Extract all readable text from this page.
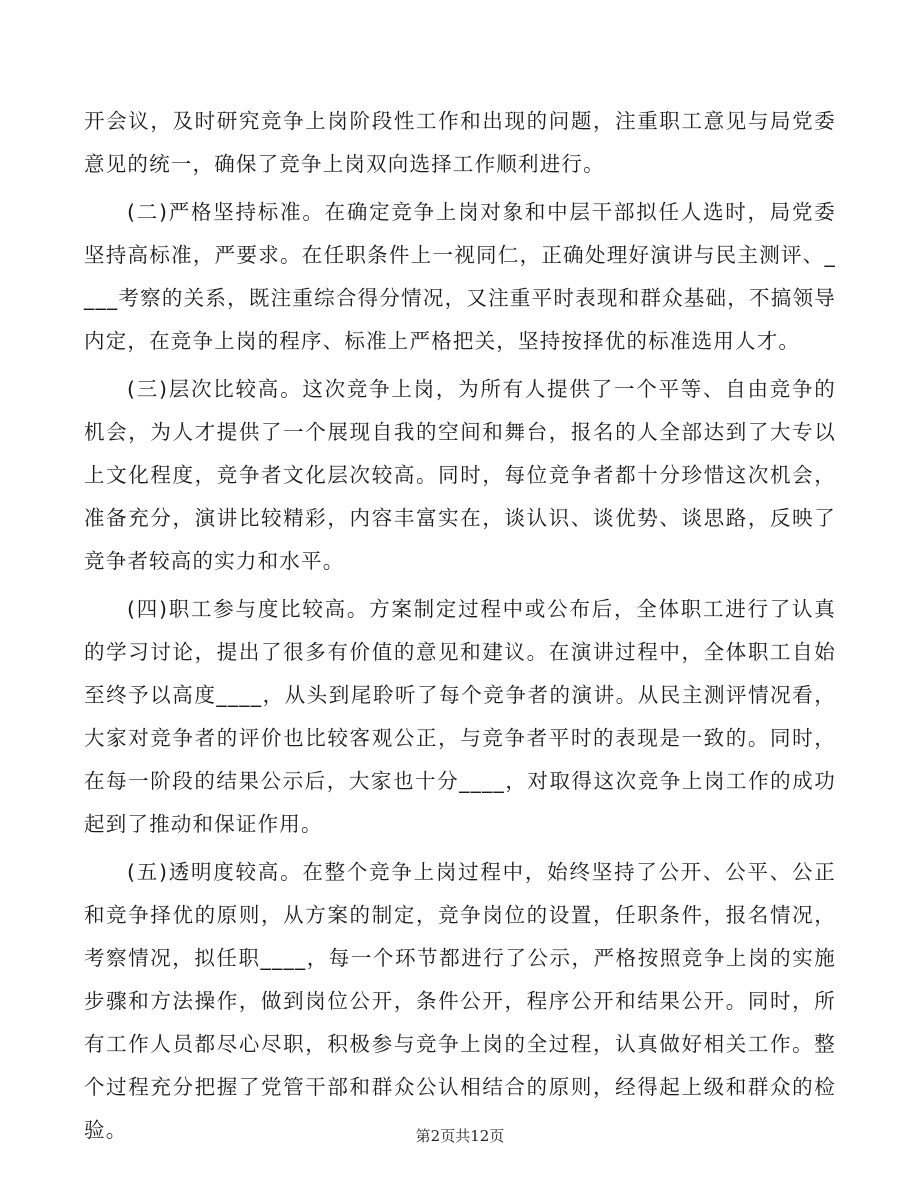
开会议，及时研究竞争上岗阶段性工作和出现的问题，注重职工意见与局党委意见的统一，确保了竞争上岗双向选择工作顺利进行。

(二)严格坚持标准。在确定竞争上岗对象和中层干部拟任人选时，局党委坚持高标准，严要求。在任职条件上一视同仁，正确处理好演讲与民主测评、____考察的关系，既注重综合得分情况，又注重平时表现和群众基础，不搞领导内定，在竞争上岗的程序、标准上严格把关，坚持按择优的标准选用人才。

(三)层次比较高。这次竞争上岗，为所有人提供了一个平等、自由竞争的机会，为人才提供了一个展现自我的空间和舞台，报名的人全部达到了大专以上文化程度，竞争者文化层次较高。同时，每位竞争者都十分珍惜这次机会，准备充分，演讲比较精彩，内容丰富实在，谈认识、谈优势、谈思路，反映了竞争者较高的实力和水平。

(四)职工参与度比较高。方案制定过程中或公布后，全体职工进行了认真的学习讨论，提出了很多有价值的意见和建议。在演讲过程中，全体职工自始至终予以高度____，从头到尾聆听了每个竞争者的演讲。从民主测评情况看，大家对竞争者的评价也比较客观公正，与竞争者平时的表现是一致的。同时，在每一阶段的结果公示后，大家也十分____，对取得这次竞争上岗工作的成功起到了推动和保证作用。

(五)透明度较高。在整个竞争上岗过程中，始终坚持了公开、公平、公正和竞争择优的原则，从方案的制定，竞争岗位的设置，任职条件，报名情况，考察情况，拟任职____，每一个环节都进行了公示，严格按照竞争上岗的实施步骤和方法操作，做到岗位公开，条件公开，程序公开和结果公开。同时，所有工作人员都尽心尽职，积极参与竞争上岗的全过程，认真做好相关工作。整个过程充分把握了党管干部和群众公认相结合的原则，经得起上级和群众的检验。	第2页共12页
